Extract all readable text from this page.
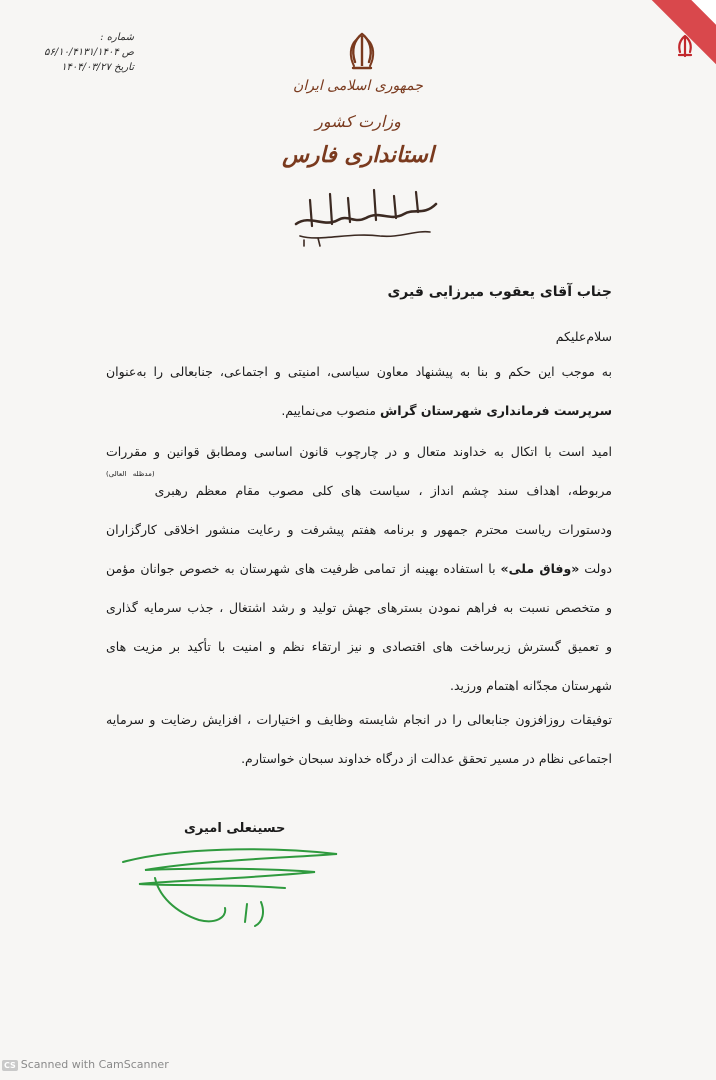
شماره :
ص ۵۶/۱۰/۴۱۳۱/۱۴۰۴
تاریخ ۱۴۰۴/۰۳/۲۷
جمهوری اسلامی ایران
وزارت کشور
استانداری فارس
جناب آقای یعقوب میرزایی قیری
سلام‌علیکم
به موجب این حکم و بنا به پیشنهاد معاون سیاسی، امنیتی و اجتماعی، جنابعالی را به‌عنوان
سرپرست فرمانداری شهرستان گراش منصوب می‌نماییم.
امید است با اتکال به خداوند متعال و در چارچوب قانون اساسی ومطابق قوانین و مقررات
مربوطه، اهداف سند چشم انداز ، سیاست های کلی مصوب مقام معظم رهبری$^{(مدظله العالی)}$
ودستورات ریاست محترم جمهور و برنامه هفتم پیشرفت و رعایت منشور اخلاقی کارگزاران
دولت «وفاق ملی» با استفاده بهینه از تمامی ظرفیت های شهرستان به خصوص جوانان مؤمن
و متخصص نسبت به فراهم نمودن بسترهای جهش تولید و رشد اشتغال ، جذب سرمایه گذاری
و تعمیق گسترش زیرساخت های اقتصادی و نیز ارتقاء نظم و امنیت با تأکید بر مزیت های
شهرستان مجدّانه اهتمام ورزید.
توفیقات روزافزون جنابعالی را در انجام شایسته وظایف و اختیارات ، افزایش رضایت و سرمایه
اجتماعی نظام در مسیر تحقق عدالت از درگاه خداوند سبحان خواستارم.
حسینعلی امیری
CS Scanned with CamScanner
